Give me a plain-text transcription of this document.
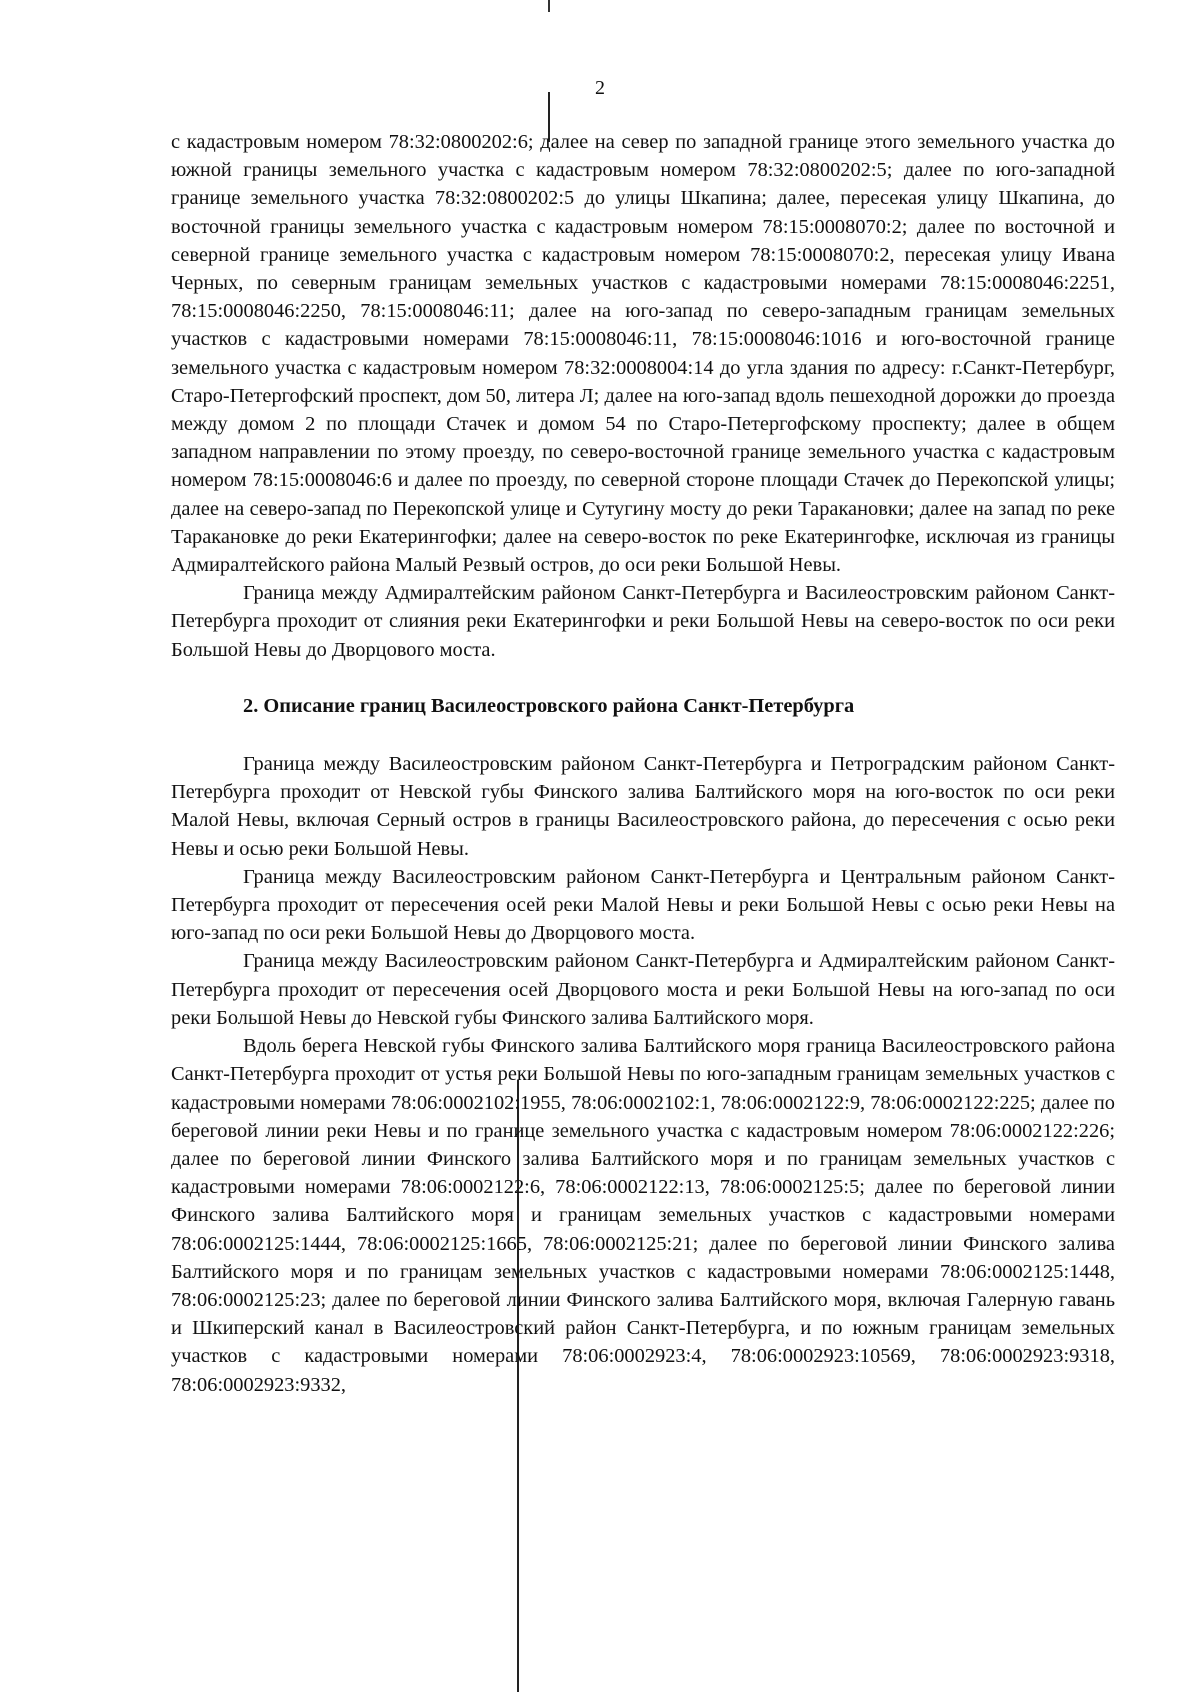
2

с кадастровым номером 78:32:0800202:6; далее на север по западной границе этого земельного участка до южной границы земельного участка с кадастровым номером 78:32:0800202:5; далее по юго-западной границе земельного участка 78:32:0800202:5 до улицы Шкапина; далее, пересекая улицу Шкапина, до восточной границы земельного участка с кадастровым номером 78:15:0008070:2; далее по восточной и северной границе земельного участка с кадастровым номером 78:15:0008070:2, пересекая улицу Ивана Черных, по северным границам земельных участков с кадастровыми номерами 78:15:0008046:2251, 78:15:0008046:2250, 78:15:0008046:11; далее на юго-запад по северо-западным границам земельных участков с кадастровыми номерами 78:15:0008046:11, 78:15:0008046:1016 и юго-восточной границе земельного участка с кадастровым номером 78:32:0008004:14 до угла здания по адресу: г.Санкт-Петербург, Старо-Петергофский проспект, дом 50, литера Л; далее на юго-запад вдоль пешеходной дорожки до проезда между домом 2 по площади Стачек и домом 54 по Старо-Петергофскому проспекту; далее в общем западном направлении по этому проезду, по северо-восточной границе земельного участка с кадастровым номером 78:15:0008046:6 и далее по проезду, по северной стороне площади Стачек до Перекопской улицы; далее на северо-запад по Перекопской улице и Сутугину мосту до реки Таракановки; далее на запад по реке Таракановке до реки Екатерингофки; далее на северо-восток по реке Екатерингофке, исключая из границы Адмиралтейского района Малый Резвый остров, до оси реки Большой Невы.

Граница между Адмиралтейским районом Санкт-Петербурга и Василеостровским районом Санкт-Петербурга проходит от слияния реки Екатерингофки и реки Большой Невы на северо-восток по оси реки Большой Невы до Дворцового моста.

2. Описание границ Василеостровского района Санкт-Петербурга

Граница между Василеостровским районом Санкт-Петербурга и Петроградским районом Санкт-Петербурга проходит от Невской губы Финского залива Балтийского моря на юго-восток по оси реки Малой Невы, включая Серный остров в границы Василеостровского района, до пересечения с осью реки Невы и осью реки Большой Невы.

Граница между Василеостровским районом Санкт-Петербурга и Центральным районом Санкт-Петербурга проходит от пересечения осей реки Малой Невы и реки Большой Невы с осью реки Невы на юго-запад по оси реки Большой Невы до Дворцового моста.

Граница между Василеостровским районом Санкт-Петербурга и Адмиралтейским районом Санкт-Петербурга проходит от пересечения осей Дворцового моста и реки Большой Невы на юго-запад по оси реки Большой Невы до Невской губы Финского залива Балтийского моря.

Вдоль берега Невской губы Финского залива Балтийского моря граница Василеостровского района Санкт-Петербурга проходит от устья реки Большой Невы по юго-западным границам земельных участков с кадастровыми номерами 78:06:0002102:1955, 78:06:0002102:1, 78:06:0002122:9, 78:06:0002122:225; далее по береговой линии реки Невы и по границе земельного участка с кадастровым номером 78:06:0002122:226; далее по береговой линии Финского залива Балтийского моря и по границам земельных участков с кадастровыми номерами 78:06:0002122:6, 78:06:0002122:13, 78:06:0002125:5; далее по береговой линии Финского залива Балтийского моря и границам земельных участков с кадастровыми номерами 78:06:0002125:1444, 78:06:0002125:1665, 78:06:0002125:21; далее по береговой линии Финского залива Балтийского моря и по границам земельных участков с кадастровыми номерами 78:06:0002125:1448, 78:06:0002125:23; далее по береговой линии Финского залива Балтийского моря, включая Галерную гавань и Шкиперский канал в Василеостровский район Санкт-Петербурга, и по южным границам земельных участков с кадастровыми номерами 78:06:0002923:4, 78:06:0002923:10569, 78:06:0002923:9318, 78:06:0002923:9332,
